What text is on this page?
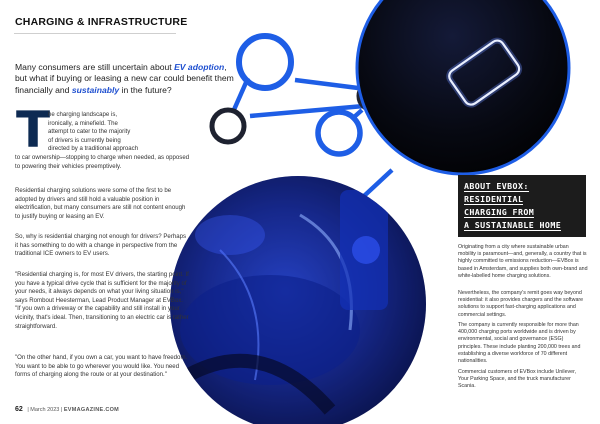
CHARGING & INFRASTRUCTURE

Many consumers are still uncertain about EV adoption, but what if buying or leasing a new car could benefit them financially and sustainably in the future?

T
he charging landscape is,
ironically, a minefield. The
attempt to cater to the majority
of drivers is currently being
directed by a traditional approach
to car ownership—stopping to charge when needed, as opposed to powering their vehicles preemptively.

Residential charging solutions were some of the first to be adopted by drivers and still hold a valuable position in electrification, but many consumers are still not content enough to justify buying or leasing an EV.

So, why is residential charging not enough for drivers? Perhaps it has something to do with a change in perspective from the traditional ICE owners to EV users.

"Residential charging is, for most EV drivers, the starting point. If you have a typical drive cycle that is sufficient for the majority of your needs, it always depends on what your living situation is," says Rombout Heesterman, Lead Product Manager at EVBox. "If you own a driveway or the capability and still install in your vicinity, that's ideal. Then, transitioning to an electric car is rather straightforward.

"On the other hand, if you own a car, you want to have freedom. You want to be able to go wherever you would like. You need forms of charging along the route or at your destination."

ABOUT EVBOX:
RESIDENTIAL
CHARGING FROM
A SUSTAINABLE HOME

Originating from a city where sustainable urban mobility is paramount—and, generally, a country that is highly committed to emissions reduction—EVBox is based in Amsterdam, and supplies both own-brand and white-labelled home charging solutions.

Nevertheless, the company's remit goes way beyond residential: it also provides chargers and the software solutions to support fast-charging applications and commercial settings.

The company is currently responsible for more than 400,000 charging ports worldwide and is driven by environmental, social and governance (ESG) principles. These include planting 200,000 trees and establishing a diverse workforce of 70 different nationalities.

Commercial customers of EVBox include Unilever, Your Parking Space, and the truck manufacturer Scania.

62 | March 2023 | EVMAGAZINE.COM
